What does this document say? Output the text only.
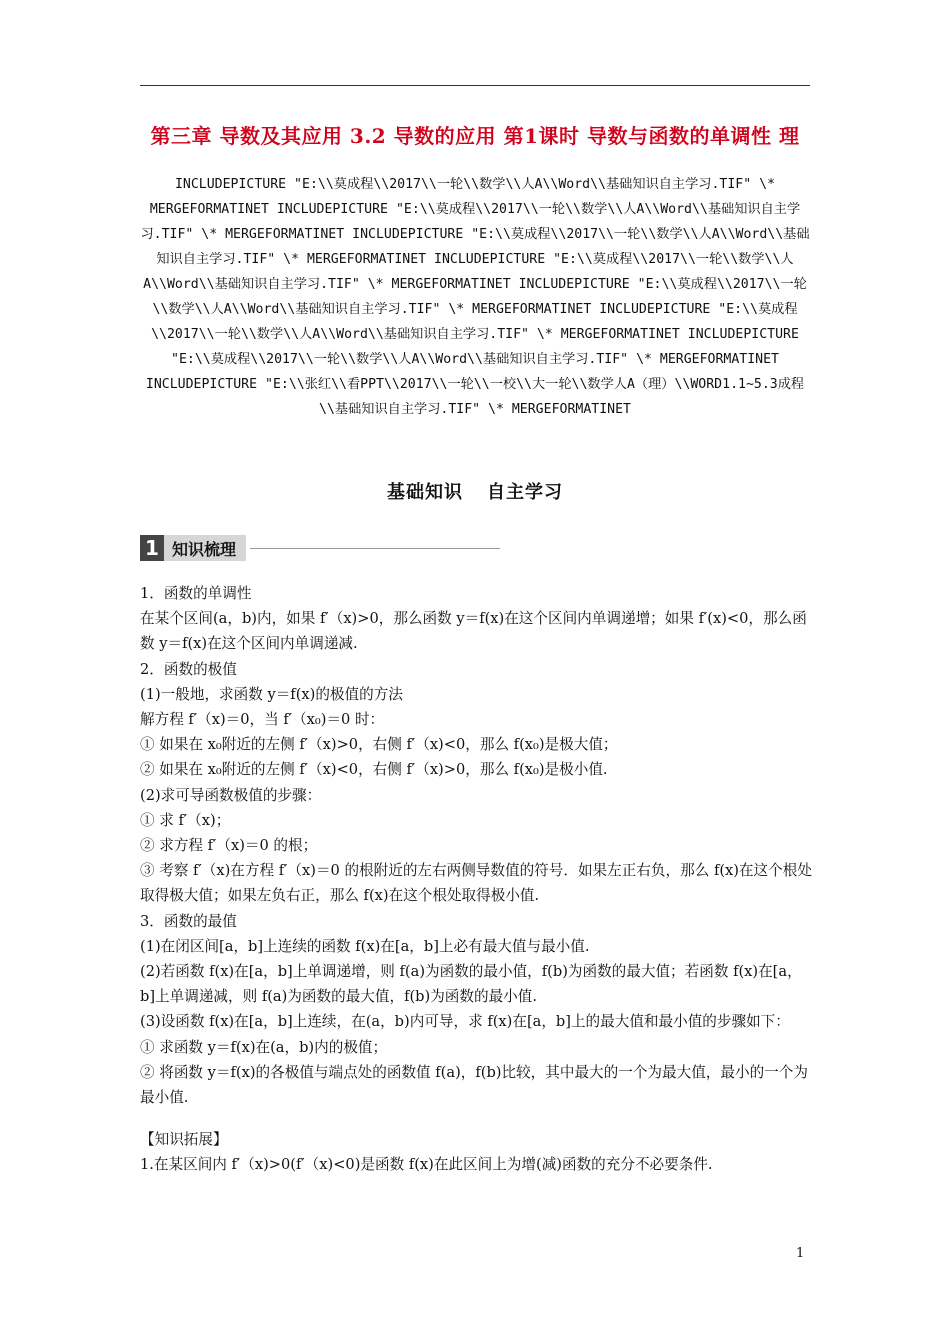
第三章 导数及其应用 3.2 导数的应用 第1课时 导数与函数的单调性 理
INCLUDEPICTURE "E:\\莫成程\\2017\\一轮\\数学\\人A\\Word\\基础知识自主学习.TIF" \* MERGEFORMATINET INCLUDEPICTURE "E:\\莫成程\\2017\\一轮\\数学\\人A\\Word\\基础知识自主学习.TIF" \* MERGEFORMATINET INCLUDEPICTURE "E:\\莫成程\\2017\\一轮\\数学\\人A\\Word\\基础知识自主学习.TIF" \* MERGEFORMATINET INCLUDEPICTURE "E:\\莫成程\\2017\\一轮\\数学\\人A\\Word\\基础知识自主学习.TIF" \* MERGEFORMATINET INCLUDEPICTURE "E:\\莫成程\\2017\\一轮\\数学\\人A\\Word\\基础知识自主学习.TIF" \* MERGEFORMATINET INCLUDEPICTURE "E:\\莫成程\\2017\\一轮\\数学\\人A\\Word\\基础知识自主学习.TIF" \* MERGEFORMATINET INCLUDEPICTURE "E:\\莫成程\\2017\\一轮\\数学\\人A\\Word\\基础知识自主学习.TIF" \* MERGEFORMATINET INCLUDEPICTURE "E:\\张红\\看PPT\\2017\\一轮\\一校\\大一轮\\数学人A（理）\\WORD1.1~5.3成程\\基础知识自主学习.TIF" \* MERGEFORMATINET
基础知识 自主学习
1 知识梳理

1．函数的单调性

在某个区间(a，b)内，如果 f′（x)>0，那么函数 y＝f(x)在这个区间内单调递增；如果 f′(x)<0，那么函数 y＝f(x)在这个区间内单调递减.

2．函数的极值

(1)一般地，求函数 y＝f(x)的极值的方法

解方程 f′（x)＝0，当 f′（x₀)＝0 时：

① 如果在 x₀附近的左侧 f′（x)>0，右侧 f′（x)<0，那么 f(x₀)是极大值；

② 如果在 x₀附近的左侧 f′（x)<0，右侧 f′（x)>0，那么 f(x₀)是极小值.

(2)求可导函数极值的步骤：

① 求 f′（x)；

② 求方程 f′（x)＝0 的根；

③ 考察 f′（x)在方程 f′（x)＝0 的根附近的左右两侧导数值的符号．如果左正右负，那么 f(x)在这个根处取得极大值；如果左负右正，那么 f(x)在这个根处取得极小值.

3．函数的最值

(1)在闭区间[a，b]上连续的函数 f(x)在[a，b]上必有最大值与最小值.

(2)若函数 f(x)在[a，b]上单调递增，则 f(a)为函数的最小值，f(b)为函数的最大值；若函数 f(x)在[a，b]上单调递减，则 f(a)为函数的最大值，f(b)为函数的最小值.

(3)设函数 f(x)在[a，b]上连续，在(a，b)内可导，求 f(x)在[a，b]上的最大值和最小值的步骤如下：

① 求函数 y＝f(x)在(a，b)内的极值；

② 将函数 y＝f(x)的各极值与端点处的函数值 f(a)，f(b)比较，其中最大的一个为最大值，最小的一个为最小值.

【知识拓展】

1.在某区间内 f′（x)>0(f′（x)<0)是函数 f(x)在此区间上为增(减)函数的充分不必要条件.

1
